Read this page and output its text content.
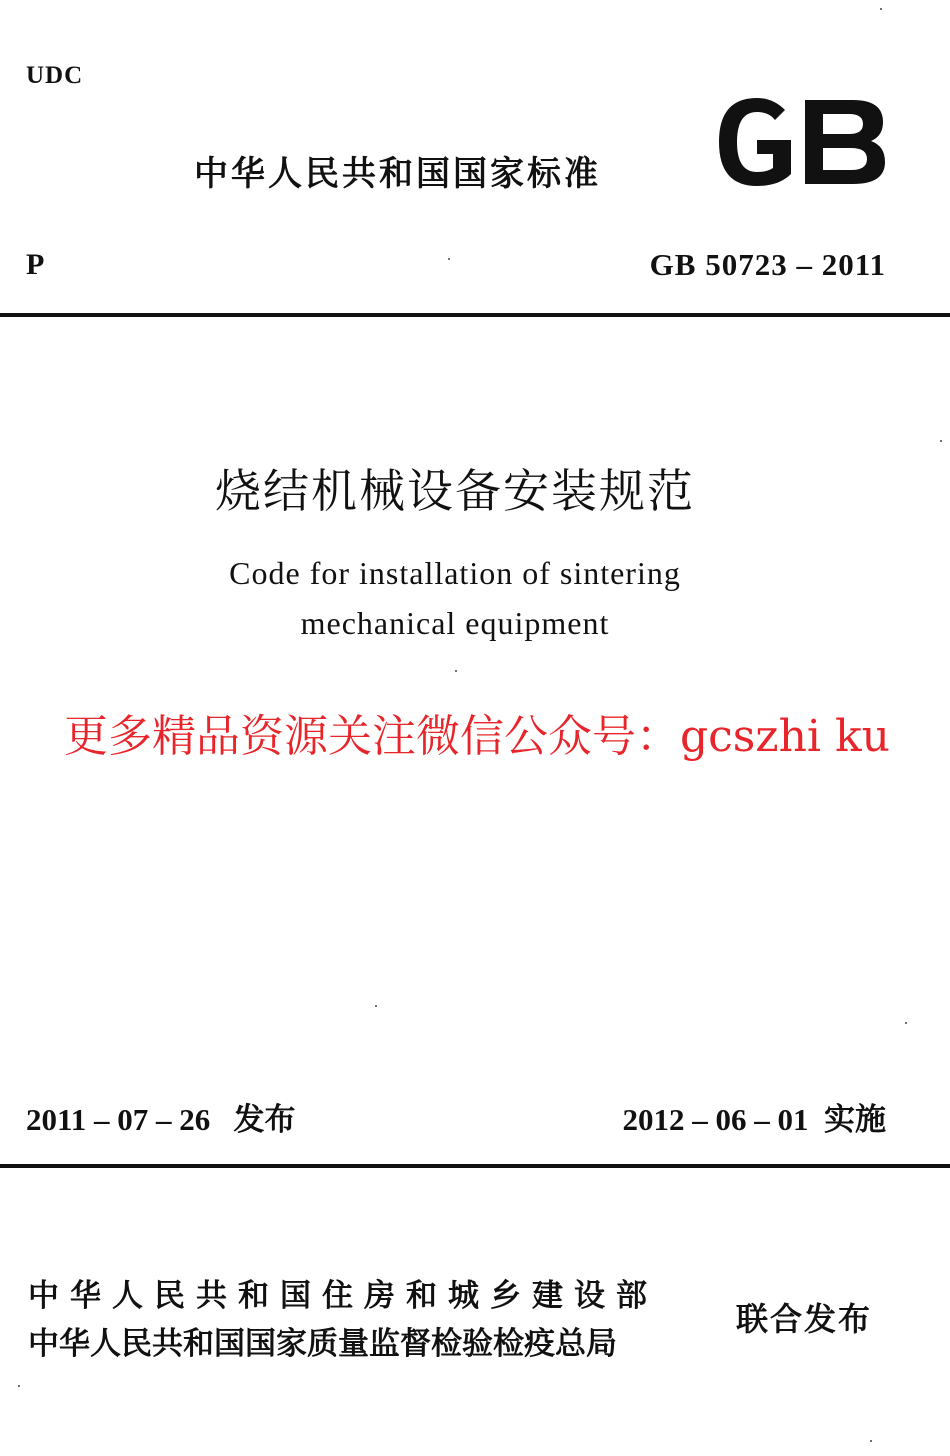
UDC
中华人民共和国国家标准
P	GB 50723 – 2011
烧结机械设备安装规范
Code for installation of sintering
mechanical equipment
更多精品资源关注微信公众号：gcszhi ku
2011 – 07 – 26   发布	2012 – 06 – 01  实施
中华人民共和国住房和城乡建设部
中华人民共和国国家质量监督检验检疫总局
联合发布
